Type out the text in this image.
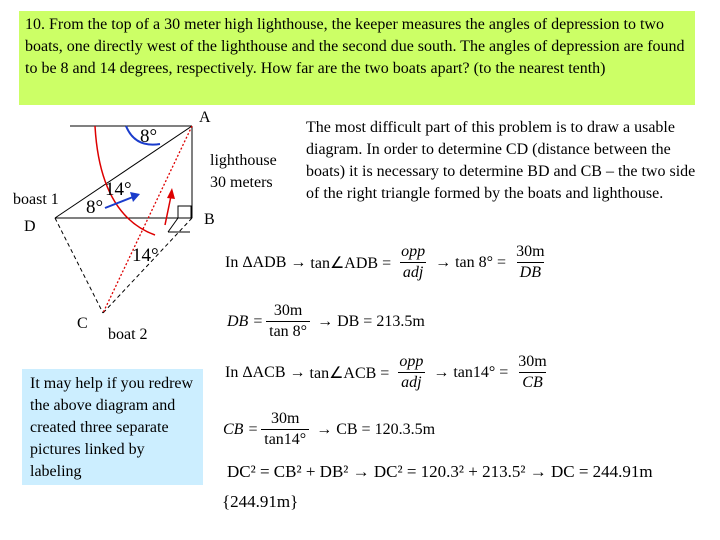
10. From the top of a 30 meter high lighthouse, the keeper measures the angles of depression to two boats, one directly west of the lighthouse and the second due south. The angles of depression are found to be 8 and 14 degrees, respectively. How far are the two boats apart? (to the nearest tenth)
A
B
C
D
8°
14°
8°
14°
boast 1
boat 2
lighthouse
30 meters
The most difficult part of this problem is to draw a usable diagram. In order to determine CD (distance between the boats) it is necessary to determine BD and CB – the two side of the right triangle formed by the boats and lighthouse.
It may help if you redrew the above diagram and created three separate pictures linked by labeling
In ΔADB → tan∠ADB = $\frac{\text{opp}}{\text{adj}} \to \tan 8^\circ = \frac{30m}{DB}$
DB = $\frac{30m}{\tan 8^\circ}$ → DB = 213.5m
In ΔACB → tan∠ACB = $\frac{\text{opp}}{\text{adj}} \to \tan 14^\circ = \frac{30m}{CB}$
CB = $\frac{30m}{\tan 14^\circ}$ → CB = 120.3.5m
DC² = CB² + DB² → DC² = 120.3² + 213.5² → DC = 244.91m
{244.91m}
